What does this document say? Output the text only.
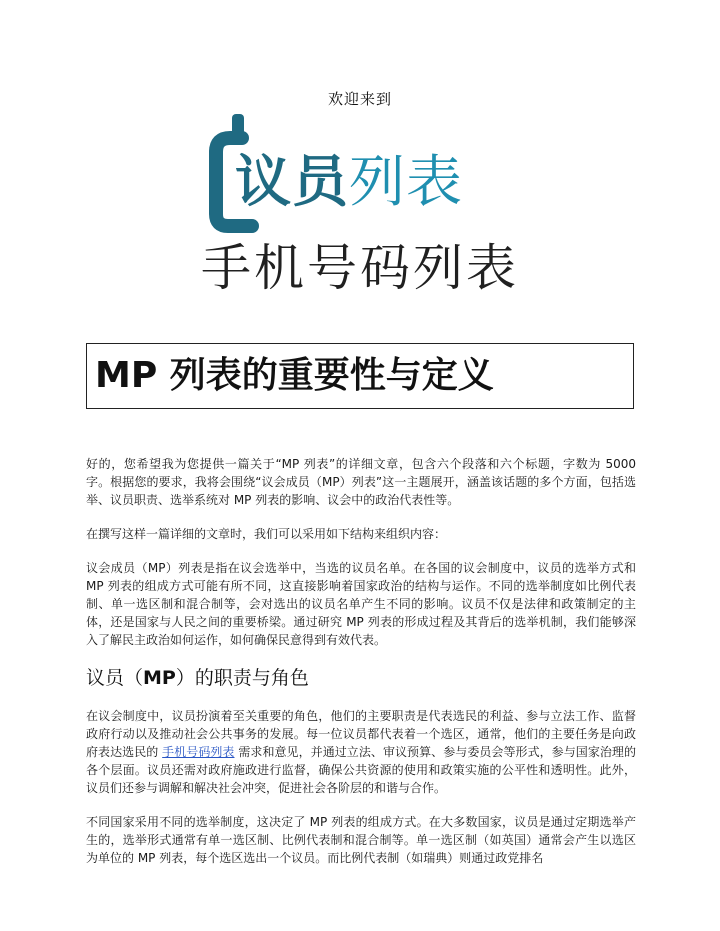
欢迎来到
议员列表
手机号码列表
MP 列表的重要性与定义

好的，您希望我为您提供一篇关于“MP 列表”的详细文章，包含六个段落和六个标题，字数为 5000 字。根据您的要求，我将会围绕“议会成员（MP）列表”这一主题展开，涵盖该话题的多个方面，包括选举、议员职责、选举系统对 MP 列表的影响、议会中的政治代表性等。

在撰写这样一篇详细的文章时，我们可以采用如下结构来组织内容：

议会成员（MP）列表是指在议会选举中，当选的议员名单。在各国的议会制度中，议员的选举方式和 MP 列表的组成方式可能有所不同，这直接影响着国家政治的结构与运作。不同的选举制度如比例代表制、单一选区制和混合制等，会对选出的议员名单产生不同的影响。议员不仅是法律和政策制定的主体，还是国家与人民之间的重要桥梁。通过研究 MP 列表的形成过程及其背后的选举机制，我们能够深入了解民主政治如何运作，如何确保民意得到有效代表。

议员（MP）的职责与角色

在议会制度中，议员扮演着至关重要的角色，他们的主要职责是代表选民的利益、参与立法工作、监督政府行动以及推动社会公共事务的发展。每一位议员都代表着一个选区，通常，他们的主要任务是向政府表达选民的 手机号码列表 需求和意见，并通过立法、审议预算、参与委员会等形式，参与国家治理的各个层面。议员还需对政府施政进行监督，确保公共资源的使用和政策实施的公平性和透明性。此外，议员们还参与调解和解决社会冲突，促进社会各阶层的和谐与合作。

不同国家采用不同的选举制度，这决定了 MP 列表的组成方式。在大多数国家，议员是通过定期选举产生的，选举形式通常有单一选区制、比例代表制和混合制等。单一选区制（如英国）通常会产生以选区为单位的 MP 列表，每个选区选出一个议员。而比例代表制（如瑞典）则通过政党排名
